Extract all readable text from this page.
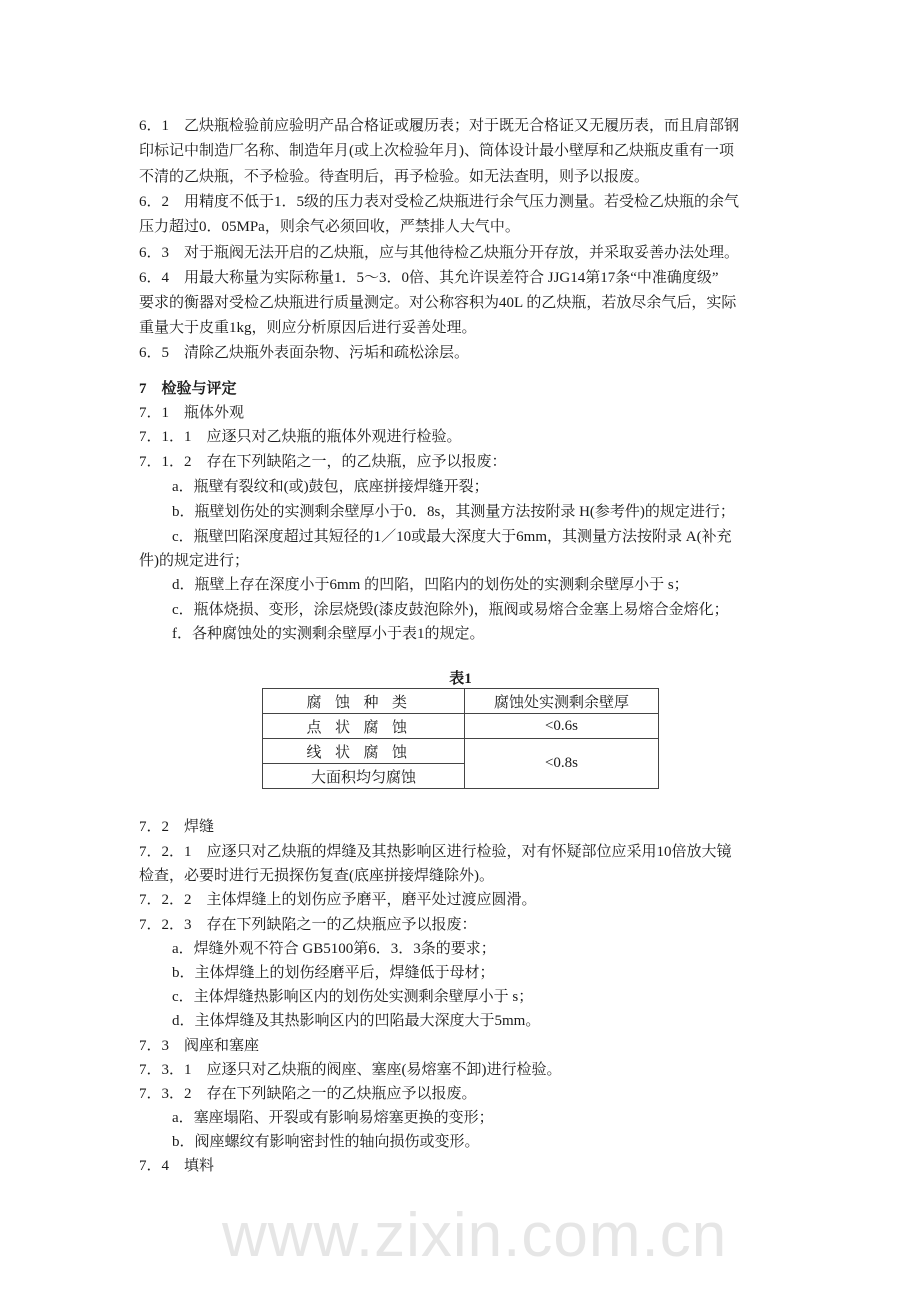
www.zixin.com.cn
6．1　乙炔瓶检验前应验明产品合格证或履历表；对于既无合格证又无履历表，而且肩部钢
印标记中制造厂名称、制造年月(或上次检验年月)、筒体设计最小壁厚和乙炔瓶皮重有一项
不清的乙炔瓶，不予检验。待查明后，再予检验。如无法查明，则予以报废。
6．2　用精度不低于1．5级的压力表对受检乙炔瓶进行余气压力测量。若受检乙炔瓶的余气
压力超过0．05MPa，则余气必须回收，严禁排人大气中。
6．3　对于瓶阀无法开启的乙炔瓶，应与其他待检乙炔瓶分开存放，并采取妥善办法处理。
6．4　用最大称量为实际称量1．5～3．0倍、其允许误差符合 JJG14第17条“中准确度级”
要求的衡器对受检乙炔瓶进行质量测定。对公称容积为40L 的乙炔瓶，若放尽余气后，实际
重量大于皮重1kg，则应分析原因后进行妥善处理。
6．5　清除乙炔瓶外表面杂物、污垢和疏松涂层。
7　检验与评定
7．1　瓶体外观
7．1．1　应逐只对乙炔瓶的瓶体外观进行检验。
7．1．2　存在下列缺陷之一，的乙炔瓶，应予以报废：
a．瓶壁有裂纹和(或)鼓包，底座拼接焊缝开裂；
b．瓶壁划伤处的实测剩余壁厚小于0．8s，其测量方法按附录 H(参考件)的规定进行；
c．瓶壁凹陷深度超过其短径的1／10或最大深度大于6mm，其测量方法按附录 A(补充
件)的规定进行；
d．瓶壁上存在深度小于6mm 的凹陷，凹陷内的划伤处的实测剩余壁厚小于 s；
c．瓶体烧损、变形，涂层烧毁(漆皮鼓泡除外)，瓶阀或易熔合金塞上易熔合金熔化；
f．各种腐蚀处的实测剩余壁厚小于表1的规定。
表1
腐蚀种类	腐蚀处实测剩余壁厚
点状腐蚀	<0.6s
线状腐蚀	<0.8s
大面积均匀腐蚀	
7．2　焊缝
7．2．1　应逐只对乙炔瓶的焊缝及其热影响区进行检验，对有怀疑部位应采用10倍放大镜
检查，必要时进行无损探伤复查(底座拼接焊缝除外)。
7．2．2　主体焊缝上的划伤应予磨平，磨平处过渡应圆滑。
7．2．3　存在下列缺陷之一的乙炔瓶应予以报废：
a．焊缝外观不符合 GB5100第6．3．3条的要求；
b．主体焊缝上的划伤经磨平后，焊缝低于母材；
c．主体焊缝热影响区内的划伤处实测剩余壁厚小于 s；
d．主体焊缝及其热影响区内的凹陷最大深度大于5mm。
7．3　阀座和塞座
7．3．1　应逐只对乙炔瓶的阀座、塞座(易熔塞不卸)进行检验。
7．3．2　存在下列缺陷之一的乙炔瓶应予以报废。
a．塞座塌陷、开裂或有影响易熔塞更换的变形；
b．阀座螺纹有影响密封性的轴向损伤或变形。
7．4　填料
